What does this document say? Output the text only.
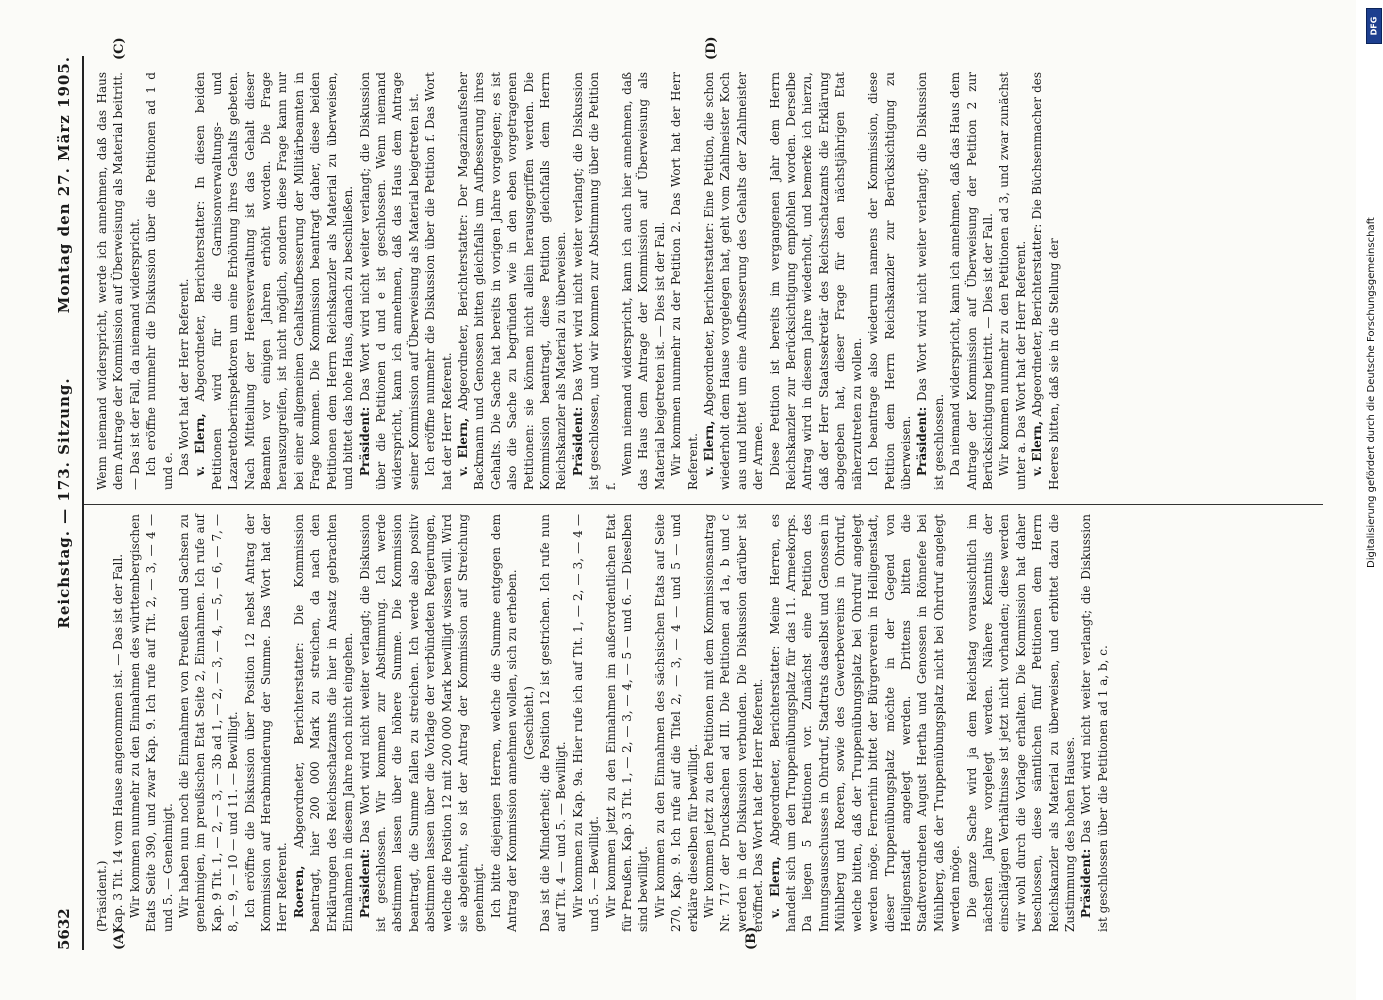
5632
Reichstag. — 173. Sitzung.
Montag den 27. März 1905.
(A)	(B)
(C)	(D)

(Präsident.) Kap. 3 Tit. 14 vom Hause angenommen ist. — Das ist der Fall. Wir kommen nunmehr zu den Einnahmen des württembergischen Etats Seite 390, und zwar Kap. 9. Ich rufe auf Tit. 2, — 3, — 4 — und 5. — Genehmigt. Wir haben nun noch die Einnahmen von Preußen und Sachsen zu genehmigen, im preußischen Etat Seite 2, Einnahmen. Ich rufe auf Kap. 9 Tit. 1, — 2, — 3, — 3b ad 1, — 2, — 3, — 4, — 5, — 6, — 7, — 8, — 9, — 10 — und 11. — Bewilligt. Ich eröffne die Diskussion über Position 12 nebst Antrag der Kommission auf Herabminderung der Summe. Das Wort hat der Herr Referent. Roeren, Abgeordneter, Berichterstatter: Die Kommission beantragt, hier 200 000 Mark zu streichen, da nach den Erklärungen des Reichsschatzamts die hier in Ansatz gebrachten Einnahmen in diesem Jahre noch nicht eingehen. Präsident: Das Wort wird nicht weiter verlangt; die Diskussion ist geschlossen. Wir kommen zur Abstimmung. Ich werde abstimmen lassen über die höhere Summe. Die Kommission beantragt, die Summe fallen zu streichen. Ich werde also positiv abstimmen lassen über die Vorlage der verbündeten Regierungen, welche die Position 12 mit 200 000 Mark bewilligt wissen will. Wird sie abgelehnt, so ist der Antrag der Kommission auf Streichung genehmigt. Ich bitte diejenigen Herren, welche die Summe entgegen dem Antrag der Kommission annehmen wollen, sich zu erheben. (Geschieht.) Das ist die Minderheit; die Position 12 ist gestrichen. Ich rufe nun auf Tit. 4 — und 5. — Bewilligt. Wir kommen zu Kap. 9a. Hier rufe ich auf Tit. 1, — 2, — 3, — 4 — und 5. — Bewilligt. Wir kommen jetzt zu den Einnahmen im außerordentlichen Etat für Preußen. Kap. 3 Tit. 1, — 2, — 3, — 4, — 5 — und 6. — Dieselben sind bewilligt. Wir kommen zu den Einnahmen des sächsischen Etats auf Seite 270, Kap. 9. Ich rufe auf die Titel 2, — 3, — 4 — und 5 — und erkläre dieselben für bewilligt. Wir kommen jetzt zu den Petitionen mit dem Kommissionsantrag Nr. 717 der Drucksachen ad III. Die Petitionen ad 1a, b und c werden in der Diskussion verbunden. Die Diskussion darüber ist eröffnet. Das Wort hat der Herr Referent. v. Elern, Abgeordneter, Berichterstatter: Meine Herren, es handelt sich um den Truppenübungsplatz für das 11. Armeekorps. Da liegen 5 Petitionen vor. Zunächst eine Petition des Innungsausschusses in Ohrdruf, Stadtrats daselbst und Genossen in Mühlberg und Roeren, sowie des Gewerbevereins in Ohrdruf, welche bitten, daß der Truppenübungsplatz bei Ohrdruf angelegt werden möge. Fernerhin bittet der Bürgerverein in Heiligenstadt, dieser Truppenübungsplatz möchte in der Gegend von Heiligenstadt angelegt werden. Drittens bitten die Stadtverordneten August Hertha und Genossen in Rönnefee bei Mühlberg, daß der Truppenübungsplatz nicht bei Ohrdruf angelegt werden möge. Die ganze Sache wird ja dem Reichstag voraussichtlich im nächsten Jahre vorgelegt werden. Nähere Kenntnis der einschlägigen Verhältnisse ist jetzt nicht vorhanden; diese werden wir wohl durch die Vorlage erhalten. Die Kommission hat daher beschlossen, diese sämtlichen fünf Petitionen dem Herrn Reichskanzler als Material zu überweisen, und erbittet dazu die Zustimmung des hohen Hauses. Präsident: Das Wort wird nicht weiter verlangt; die Diskussion ist geschlossen über die Petitionen ad 1 a, b, c.

Wenn niemand widerspricht, werde ich annehmen, daß das Haus dem Antrage der Kommission auf Überweisung als Material beitritt. — Das ist der Fall, da niemand widerspricht. Ich eröffne nunmehr die Diskussion über die Petitionen ad 1 d und e. Das Wort hat der Herr Referent. v. Elern, Abgeordneter, Berichterstatter: In diesen beiden Petitionen wird für die Garnisonverwaltungs- und Lazarettoberinspektoren um eine Erhöhung ihres Gehalts gebeten. Nach Mitteilung der Heeresverwaltung ist das Gehalt dieser Beamten vor einigen Jahren erhöht worden. Die Frage herauszugreifen, ist nicht möglich, sondern diese Frage kann nur bei einer allgemeinen Gehaltsaufbesserung der Militärbeamten in Frage kommen. Die Kommission beantragt daher, diese beiden Petitionen dem Herrn Reichskanzler als Material zu überweisen, und bittet das hohe Haus, danach zu beschließen. Präsident: Das Wort wird nicht weiter verlangt; die Diskussion über die Petitionen d und e ist geschlossen. Wenn niemand widerspricht, kann ich annehmen, daß das Haus dem Antrage seiner Kommission auf Überweisung als Material beigetreten ist. Ich eröffne nunmehr die Diskussion über die Petition f. Das Wort hat der Herr Referent. v. Elern, Abgeordneter, Berichterstatter: Der Magazinaufseher Backmann und Genossen bitten gleichfalls um Aufbesserung ihres Gehalts. Die Sache hat bereits in vorigen Jahre vorgelegen; es ist also die Sache zu begründen wie in den eben vorgetragenen Petitionen: sie können nicht allein herausgegriffen werden. Die Kommission beantragt, diese Petition gleichfalls dem Herrn Reichskanzler als Material zu überweisen. Präsident: Das Wort wird nicht weiter verlangt; die Diskussion ist geschlossen, und wir kommen zur Abstimmung über die Petition f.

Wenn niemand widerspricht, kann ich auch hier annehmen, daß das Haus dem Antrage der Kommission auf Überweisung als Material beigetreten ist. — Dies ist der Fall. Wir kommen nunmehr zu der Petition 2. Das Wort hat der Herr Referent. v. Elern, Abgeordneter, Berichterstatter: Eine Petition, die schon wiederholt dem Hause vorgelegen hat, geht vom Zahlmeister Koch aus und bittet um eine Aufbesserung des Gehalts der Zahlmeister der Armee. Diese Petition ist bereits im vergangenen Jahr dem Herrn Reichskanzler zur Berücksichtigung empfohlen worden. Derselbe Antrag wird in diesem Jahre wiederholt, und bemerke ich hierzu, daß der Herr Staatssekretär des Reichsschatzamts die Erklärung abgegeben hat, dieser Frage für den nächstjährigen Etat näherzutreten zu wollen. Ich beantrage also wiederum namens der Kommission, diese Petition dem Herrn Reichskanzler zur Berücksichtigung zu überweisen. Präsident: Das Wort wird nicht weiter verlangt; die Diskussion ist geschlossen. Da niemand widerspricht, kann ich annehmen, daß das Haus dem Antrage der Kommission auf Überweisung der Petition 2 zur Berücksichtigung beitritt. — Dies ist der Fall. Wir kommen nunmehr zu den Petitionen ad 3, und zwar zunächst unter a. Das Wort hat der Herr Referent. v. Elern, Abgeordneter, Berichterstatter: Die Büchsenmacher des Heeres bitten, daß sie in die Stellung der

DFG
Digitalisierung gefördert durch die Deutsche Forschungsgemeinschaft
